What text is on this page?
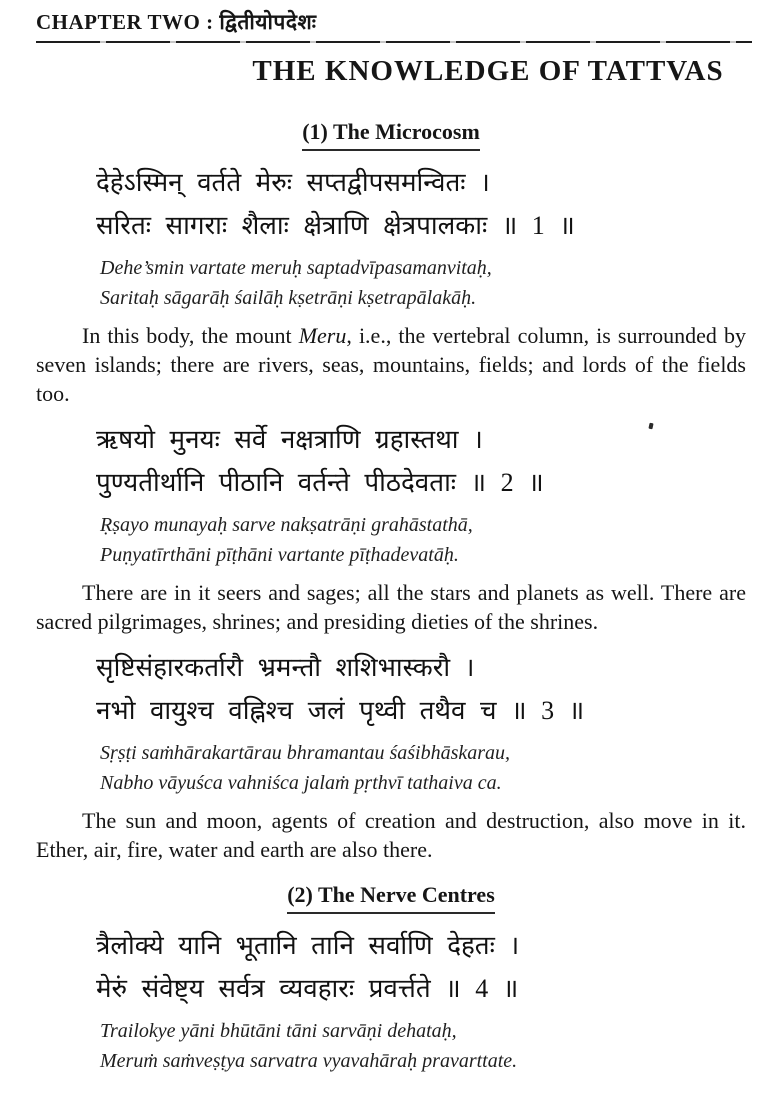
CHAPTER TWO : द्वितीयोपदेशः
THE KNOWLEDGE OF TATTVAS
(1) The Microcosm
देहेऽस्मिन् वर्तते मेरुः सप्तद्वीपसमन्वितः ।
सरितः सागराः शैलाः क्षेत्राणि क्षेत्रपालकाः ॥ 1 ॥
Dehe’smin vartate meruḥ saptadvīpasamanvitaḥ,
Saritaḥ sāgarāḥ śailāḥ kṣetrāṇi kṣetrapālakāḥ.

In this body, the mount Meru, i.e., the vertebral column, is surrounded by seven islands; there are rivers, seas, mountains, fields; and lords of the fields too.

ऋषयो मुनयः सर्वे नक्षत्राणि ग्रहास्तथा ।
पुण्यतीर्थानि पीठानि वर्तन्ते पीठदेवताः ॥ 2 ॥
Ṛṣayo munayaḥ sarve nakṣatrāṇi grahāstathā,
Puṇyatīrthāni pīṭhāni vartante pīṭhadevatāḥ.

There are in it seers and sages; all the stars and planets as well. There are sacred pilgrimages, shrines; and presiding dieties of the shrines.

सृष्टिसंहारकर्तारौ भ्रमन्तौ शशिभास्करौ ।
नभो वायुश्च वह्निश्च जलं पृथ्वी तथैव च ॥ 3 ॥
Sṛṣṭi saṁhārakartārau bhramantau śaśibhāskarau,
Nabho vāyuśca vahniśca jalaṁ pṛthvī tathaiva ca.

The sun and moon, agents of creation and destruction, also move in it. Ether, air, fire, water and earth are also there.

(2) The Nerve Centres
त्रैलोक्ये यानि भूतानि तानि सर्वाणि देहतः ।
मेरुं संवेष्ट्य सर्वत्र व्यवहारः प्रवर्त्तते ॥ 4 ॥
Trailokye yāni bhūtāni tāni sarvāṇi dehataḥ,
Meruṁ saṁveṣṭya sarvatra vyavahāraḥ pravarttate.
